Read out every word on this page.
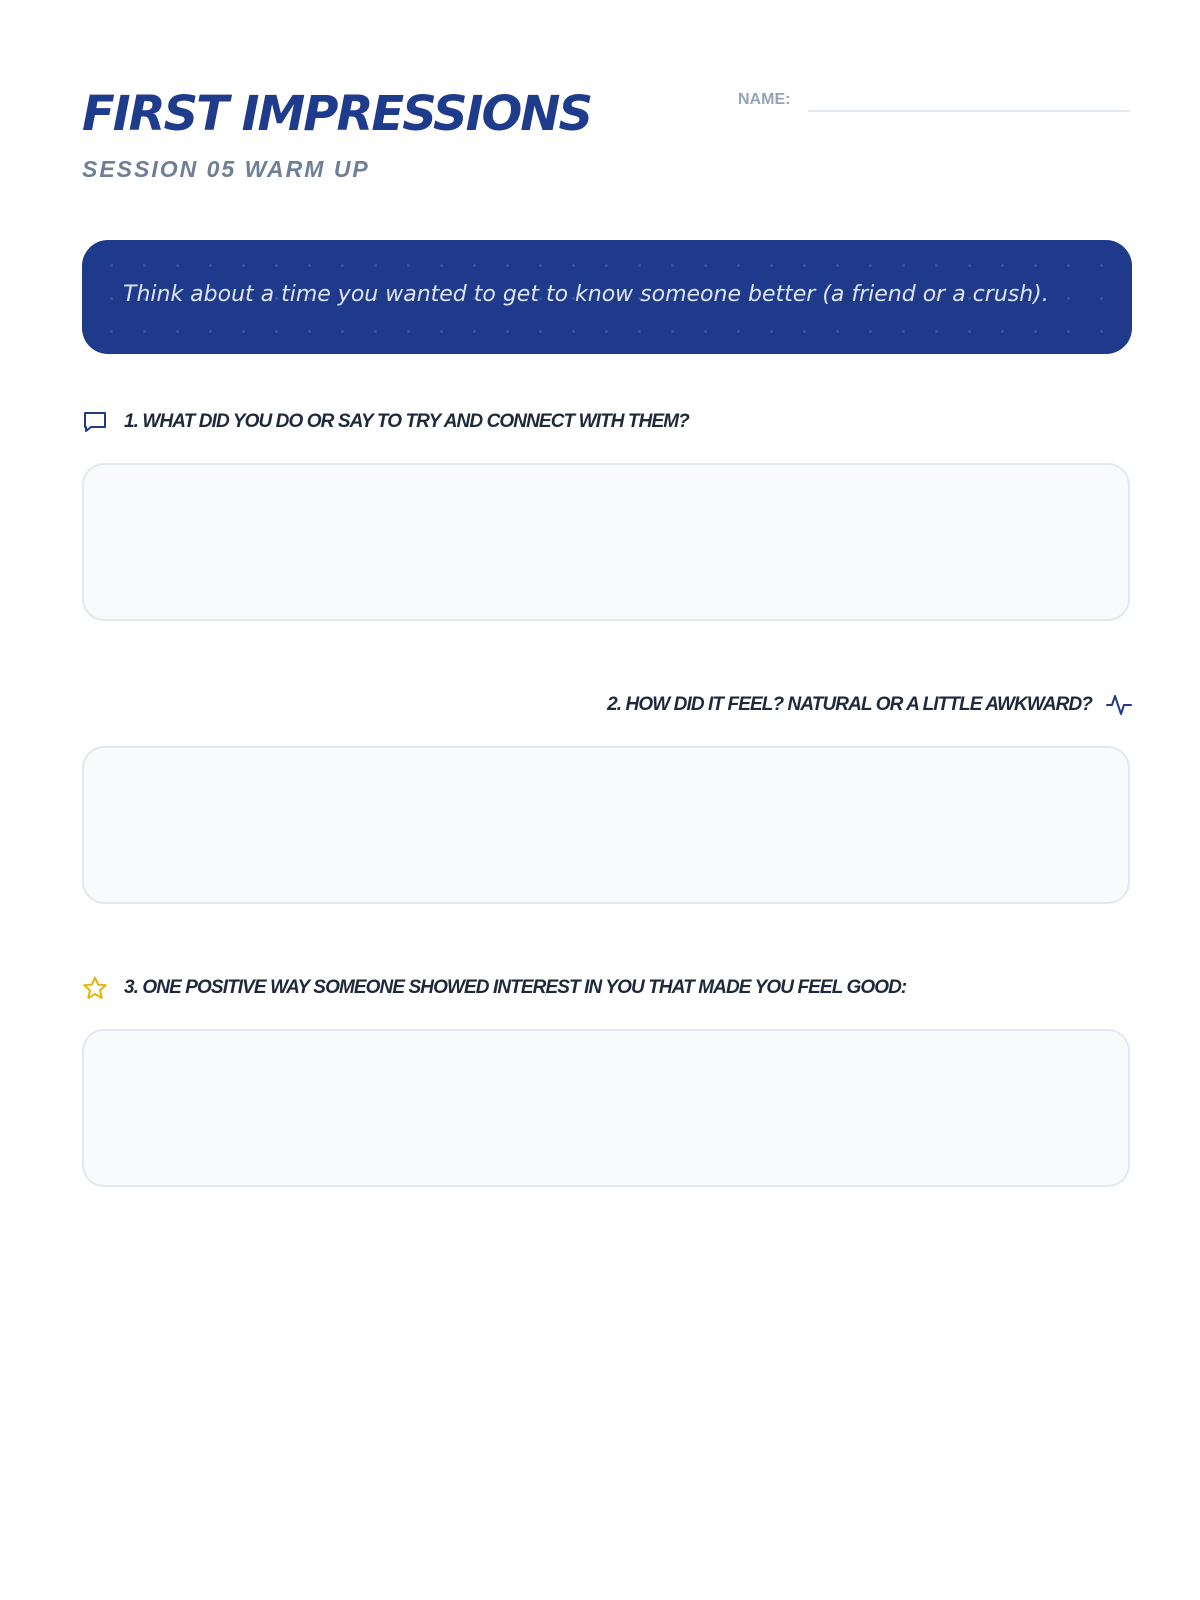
FIRST IMPRESSIONS
SESSION 05 WARM UP
NAME:
Think about a time you wanted to get to know someone better (a friend or a crush).
1. WHAT DID YOU DO OR SAY TO TRY AND CONNECT WITH THEM?
2. HOW DID IT FEEL? NATURAL OR A LITTLE AWKWARD?
3. ONE POSITIVE WAY SOMEONE SHOWED INTEREST IN YOU THAT MADE YOU FEEL GOOD:
